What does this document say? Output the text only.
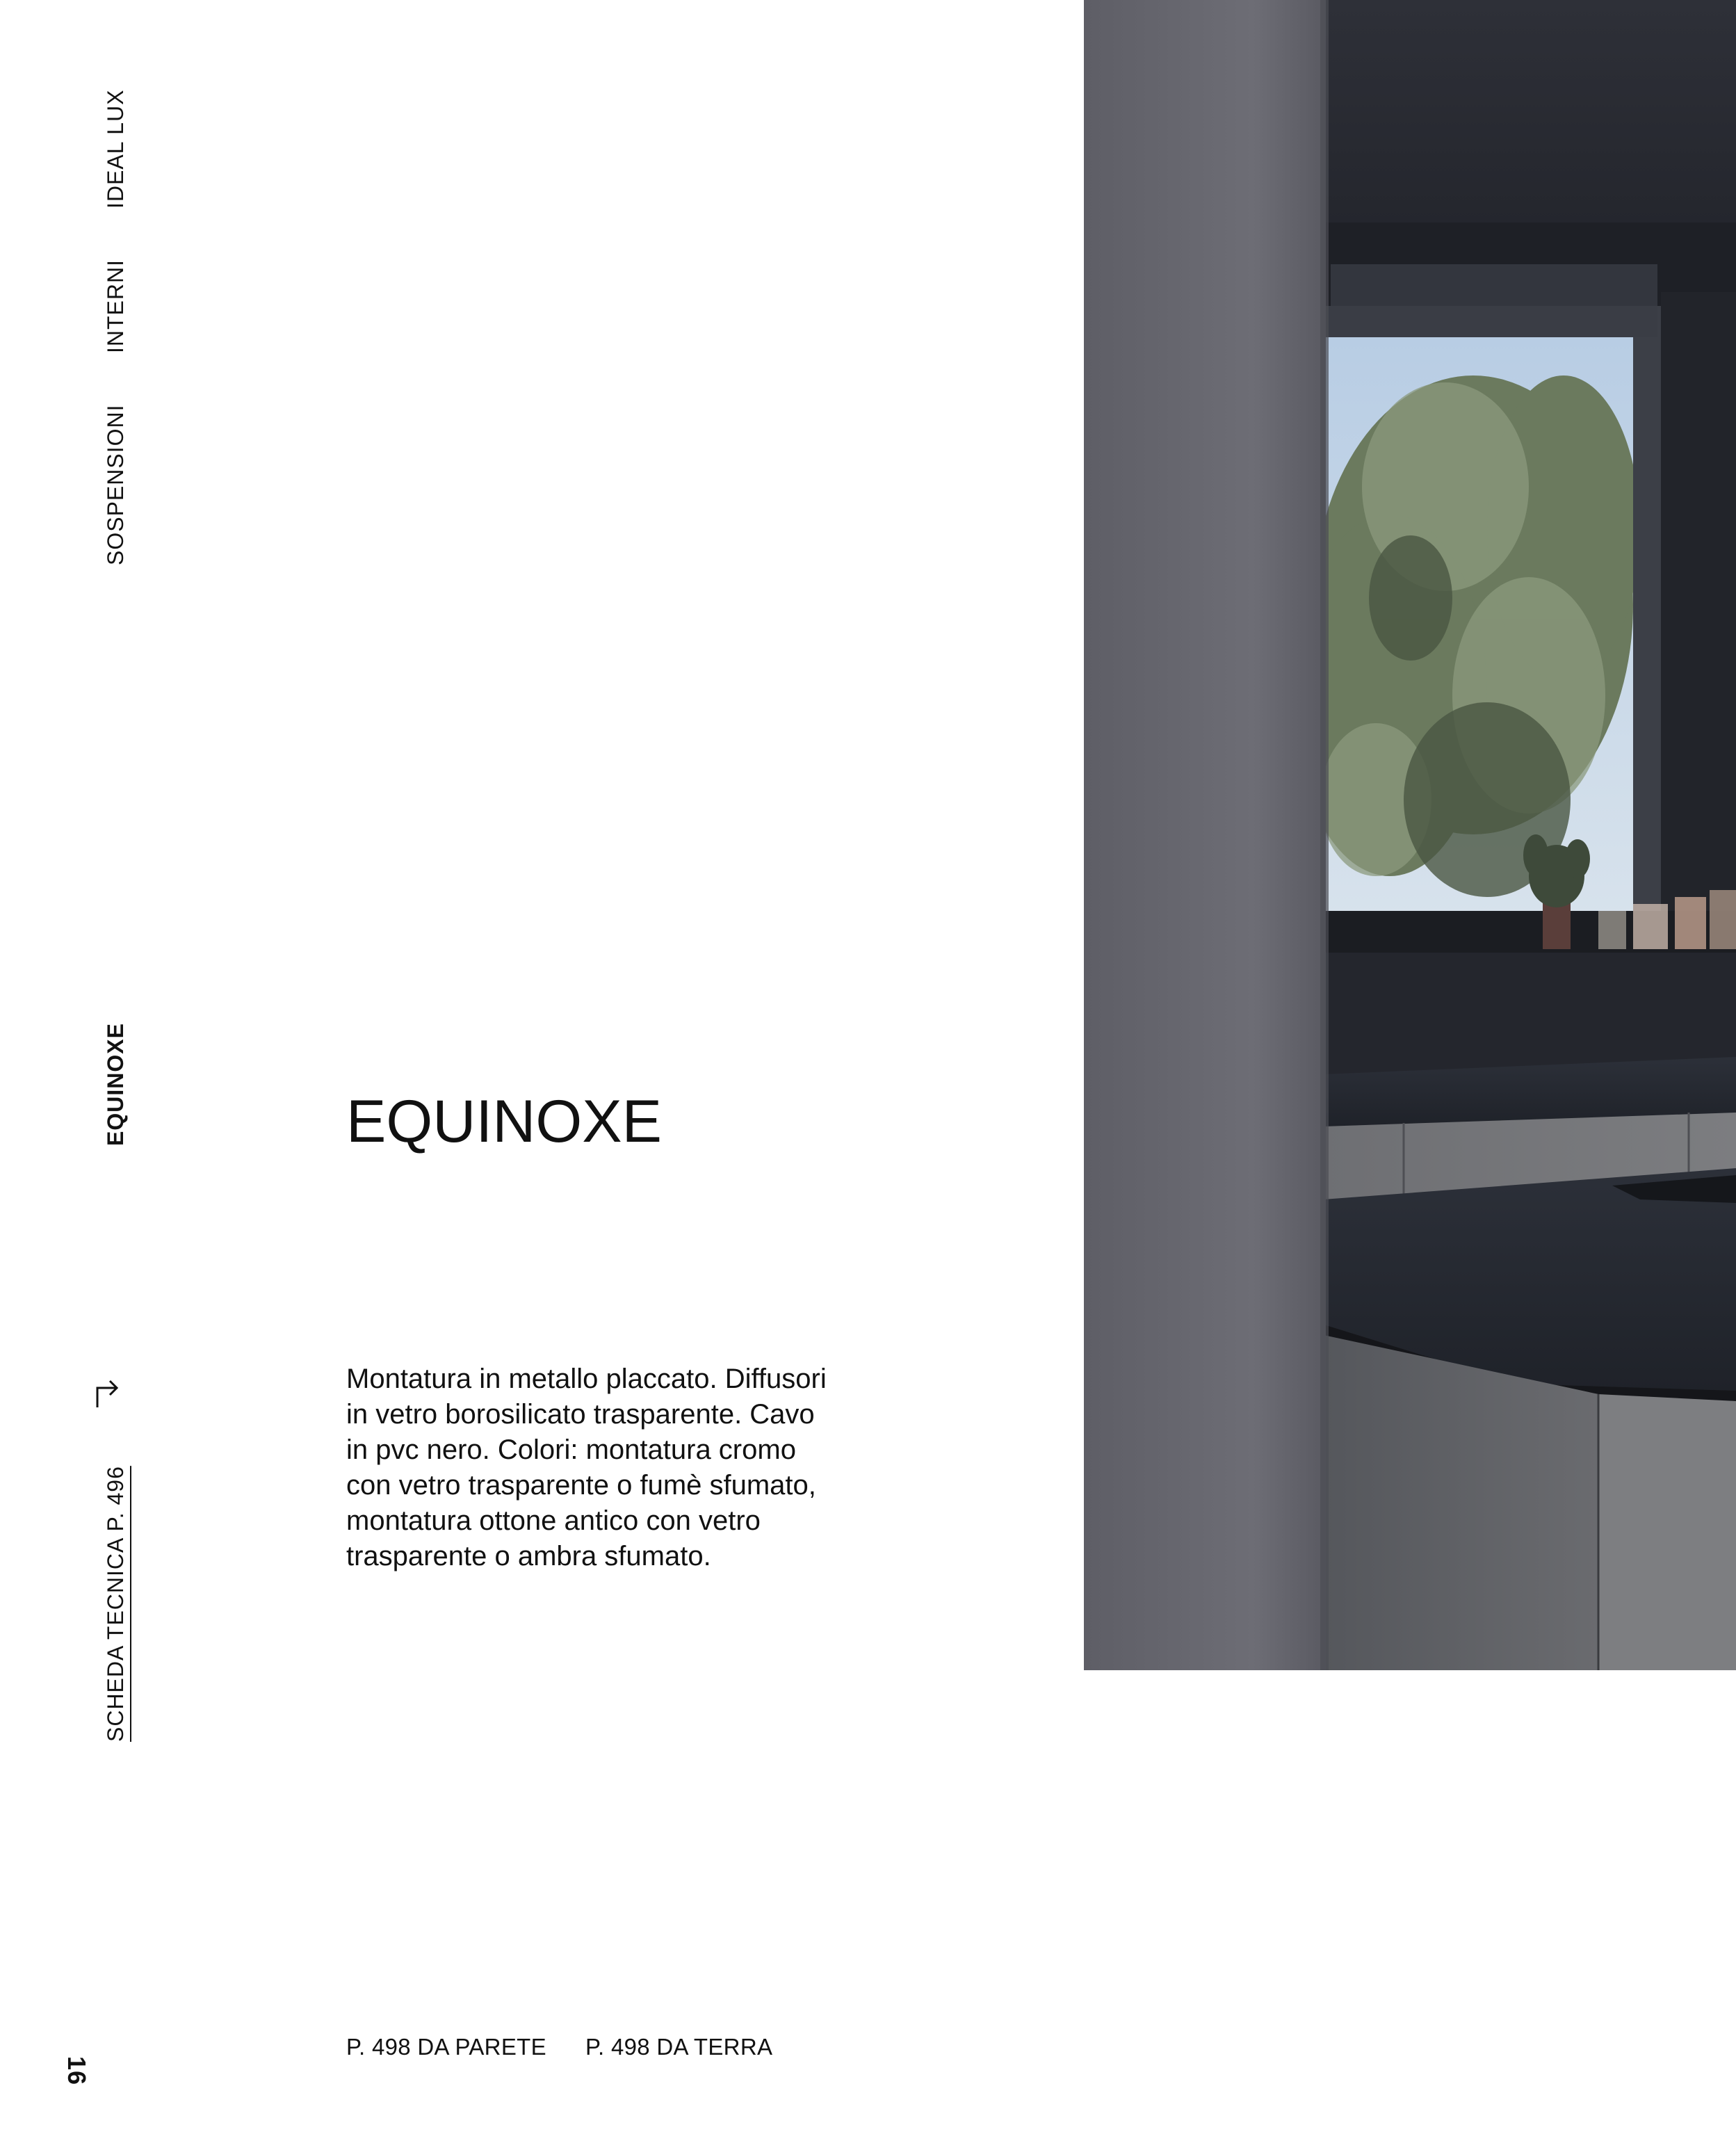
IDEAL LUX
INTERNI
SOSPENSIONI
EQUINOXE
SCHEDA TECNICA P. 496
16
EQUINOXE

Montatura in metallo placcato. Diffusori in vetro borosilicato trasparente. Cavo in pvc nero. Colori: montatura cromo con vetro trasparente o fumè sfumato, montatura ottone antico con vetro trasparente o ambra sfumato.

P. 498 DA PARETE P. 498 DA TERRA
